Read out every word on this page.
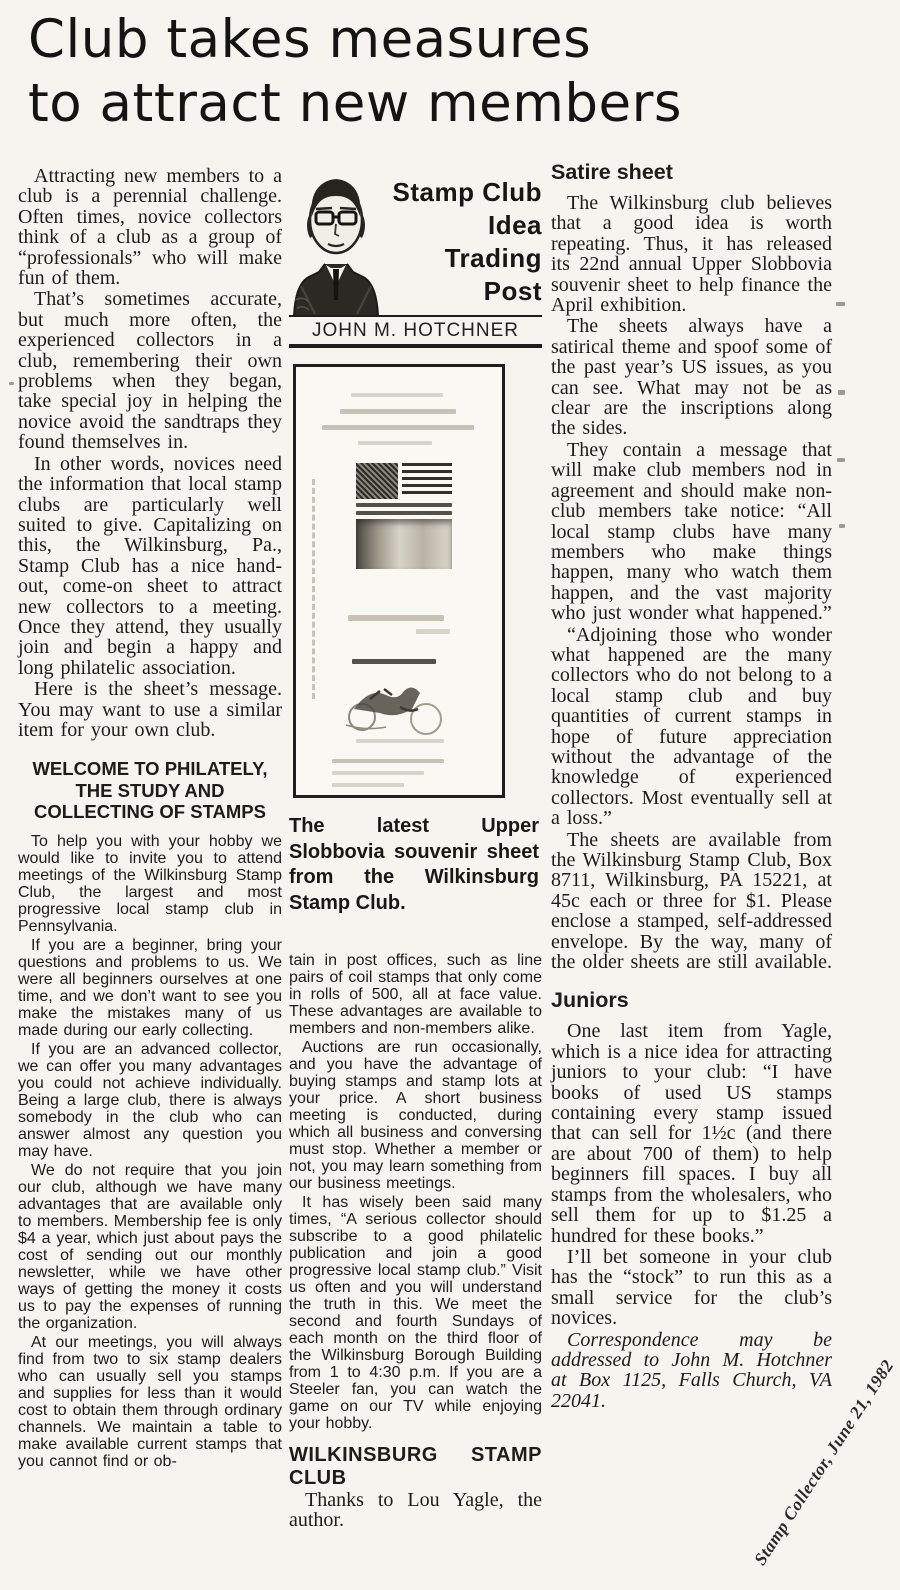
Club takes measures
to attract new members

Attracting new members to a club is a perennial challenge. Often times, novice collectors think of a club as a group of “professionals” who will make fun of them.

That’s sometimes accurate, but much more often, the experienced collectors in a club, remembering their own problems when they began, take special joy in helping the novice avoid the sandtraps they found themselves in.

In other words, novices need the information that local stamp clubs are particularly well suited to give. Capitalizing on this, the Wilkinsburg, Pa., Stamp Club has a nice hand-out, come-on sheet to attract new collectors to a meeting. Once they attend, they usually join and begin a happy and long philatelic association.

Here is the sheet’s message. You may want to use a similar item for your own club.

WELCOME TO PHILATELY,
THE STUDY AND
COLLECTING OF STAMPS

To help you with your hobby we would like to invite you to attend meetings of the Wilkinsburg Stamp Club, the largest and most progressive local stamp club in Pennsylvania.

If you are a beginner, bring your questions and problems to us. We were all beginners ourselves at one time, and we don’t want to see you make the mistakes many of us made during our early collecting.

If you are an advanced collector, we can offer you many advantages you could not achieve individually. Being a large club, there is always somebody in the club who can answer almost any question you may have.

We do not require that you join our club, although we have many advantages that are available only to members. Membership fee is only $4 a year, which just about pays the cost of sending out our monthly newsletter, while we have other ways of getting the money it costs us to pay the expenses of running the organization.

At our meetings, you will always find from two to six stamp dealers who can usually sell you stamps and supplies for less than it would cost to obtain them through ordinary channels. We maintain a table to make available current stamps that you cannot find or ob-

Stamp Club
Idea
Trading
Post
JOHN M. HOTCHNER
The latest Upper Slobbovia souvenir sheet from the Wilkinsburg Stamp Club.

tain in post offices, such as line pairs of coil stamps that only come in rolls of 500, all at face value. These advantages are available to members and non-members alike.

Auctions are run occasionally, and you have the advantage of buying stamps and stamp lots at your price. A short business meeting is conducted, during which all business and conversing must stop. Whether a member or not, you may learn something from our business meetings.

It has wisely been said many times, “A serious collector should subscribe to a good philatelic publication and join a good progressive local stamp club.” Visit us often and you will understand the truth in this. We meet the second and fourth Sundays of each month on the third floor of the Wilkinsburg Borough Building from 1 to 4:30 p.m. If you are a Steeler fan, you can watch the game on our TV while enjoying your hobby.

WILKINSBURG STAMP CLUB

Thanks to Lou Yagle, the author.

Satire sheet

The Wilkinsburg club believes that a good idea is worth repeating. Thus, it has released its 22nd annual Upper Slobbovia souvenir sheet to help finance the April exhibition.

The sheets always have a satirical theme and spoof some of the past year’s US issues, as you can see. What may not be as clear are the inscriptions along the sides.

They contain a message that will make club members nod in agreement and should make non-club members take notice: “All local stamp clubs have many members who make things happen, many who watch them happen, and the vast majority who just wonder what happened.”

“Adjoining those who wonder what happened are the many collectors who do not belong to a local stamp club and buy quantities of current stamps in hope of future appreciation without the advantage of the knowledge of experienced collectors. Most eventually sell at a loss.”

The sheets are available from the Wilkinsburg Stamp Club, Box 8711, Wilkinsburg, PA 15221, at 45c each or three for $1. Please enclose a stamped, self-addressed envelope. By the way, many of the older sheets are still available.

Juniors

One last item from Yagle, which is a nice idea for attracting juniors to your club: “I have books of used US stamps containing every stamp issued that can sell for 1½c (and there are about 700 of them) to help beginners fill spaces. I buy all stamps from the wholesalers, who sell them for up to $1.25 a hundred for these books.”

I’ll bet someone in your club has the “stock” to run this as a small service for the club’s novices.

Correspondence may be addressed to John M. Hotchner at Box 1125, Falls Church, VA 22041.	Stamp Collector, June 21, 1982
